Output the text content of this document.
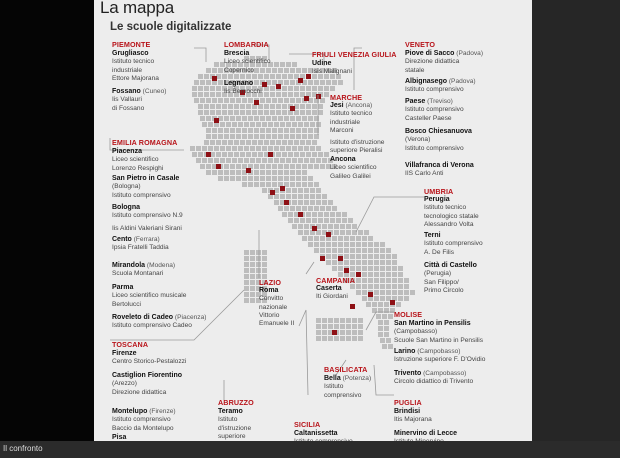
La mappa
Le scuole digitalizzate
PIEMONTE
Grugliasco
Istituto tecnico
industriale
Ettore Majorana
Fossano (Cuneo)
Iis Vallauri
di Fossano
LOMBARDIA
Brescia
Liceo scientifico
Copernico
Legnano
Iis Bernocchi
FRIULI VENEZIA GIULIA
Udine
Isis Malignani
VENETO
Piove di Sacco (Padova)
Direzione didattica
statale
Albignasego (Padova)
Istituto comprensivo
Paese (Treviso)
Istituto comprensivo
Casteller Paese
Bosco Chiesanuova
(Verona)
Istituto comprensivo
Villafranca di Verona
IIS Carlo Anti
MARCHE
Jesi (Ancona)
Istituto tecnico
industriale
Marconi
Istituto d'istruzione
superiore Pieralisi
Ancona
Liceo scientifico
Galileo Galilei
EMILIA ROMAGNA
Piacenza
Liceo scientifico
Lorenzo Respighi
San Pietro in Casale
(Bologna)
Istituto comprensivo
Bologna
Istituto comprensivo N.9
Iis Aldini Valeriani Sirani
Cento (Ferrara)
Ipsia Fratelli Taddia
Mirandola (Modena)
Scuola Montanari
Parma
Liceo scientifico musicale
Bertolucci
Roveleto di Cadeo (Piacenza)
Istituto comprensivo Cadeo
UMBRIA
Perugia
Istituto tecnico
tecnologico statale
Alessandro Volta
Terni
Istituto comprensivo
A. De Filis
Città di Castello
(Perugia)
San Filippo/
Primo Circolo
LAZIO
Roma
Convitto
nazionale
Vittorio
Emanuele II
CAMPANIA
Caserta
Iti Giordani
TOSCANA
Firenze
Centro Storico-Pestalozzi
Castiglion Fiorentino
(Arezzo)
Direzione didattica
Montelupo (Firenze)
Istituto comprensivo
Baccio da Montelupo
Pisa
MOLISE
San Martino in Pensilis
(Campobasso)
Scuole San Martino in Pensilis
Larino (Campobasso)
Istruzione superiore F. D'Ovidio
Trivento (Campobasso)
Circolo didattico di Trivento
BASILICATA
Bella (Potenza)
Istituto
comprensivo
PUGLIA
Brindisi
Itis Majorana
Minervino di Lecce
ABRUZZO
Teramo
Istituto
d'istruzione
superiore
SICILIA
Caltanissetta
Il confronto
